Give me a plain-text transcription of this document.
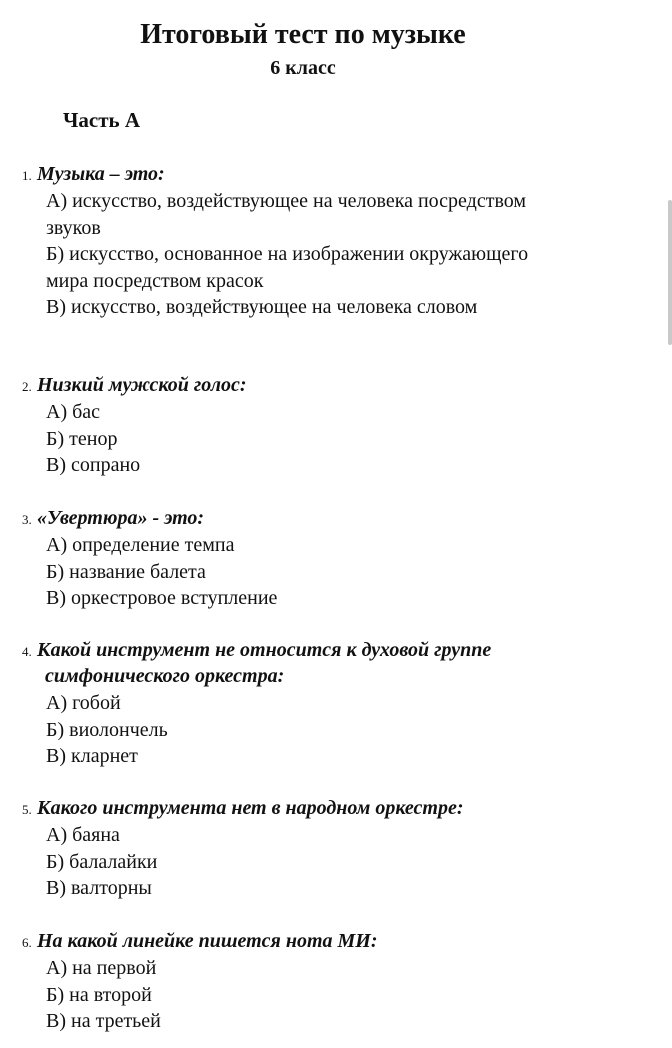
Итоговый тест по музыке
6 класс
Часть А
1. Музыка – это:
А) искусство, воздействующее на человека посредством
звуков
Б) искусство, основанное на изображении окружающего
мира посредством красок
В) искусство, воздействующее на человека словом
2. Низкий мужской голос:
А) бас
Б) тенор
В) сопрано
3. «Увертюра» - это:
А) определение темпа
Б) название балета
В) оркестровое вступление
4. Какой инструмент не относится к духовой группе
симфонического оркестра:
А) гобой
Б) виолончель
В) кларнет
5. Какого инструмента нет в народном оркестре:
А) баяна
Б) балалайки
В) валторны
6. На какой линейке пишется нота МИ:
А) на первой
Б) на второй
В) на третьей
